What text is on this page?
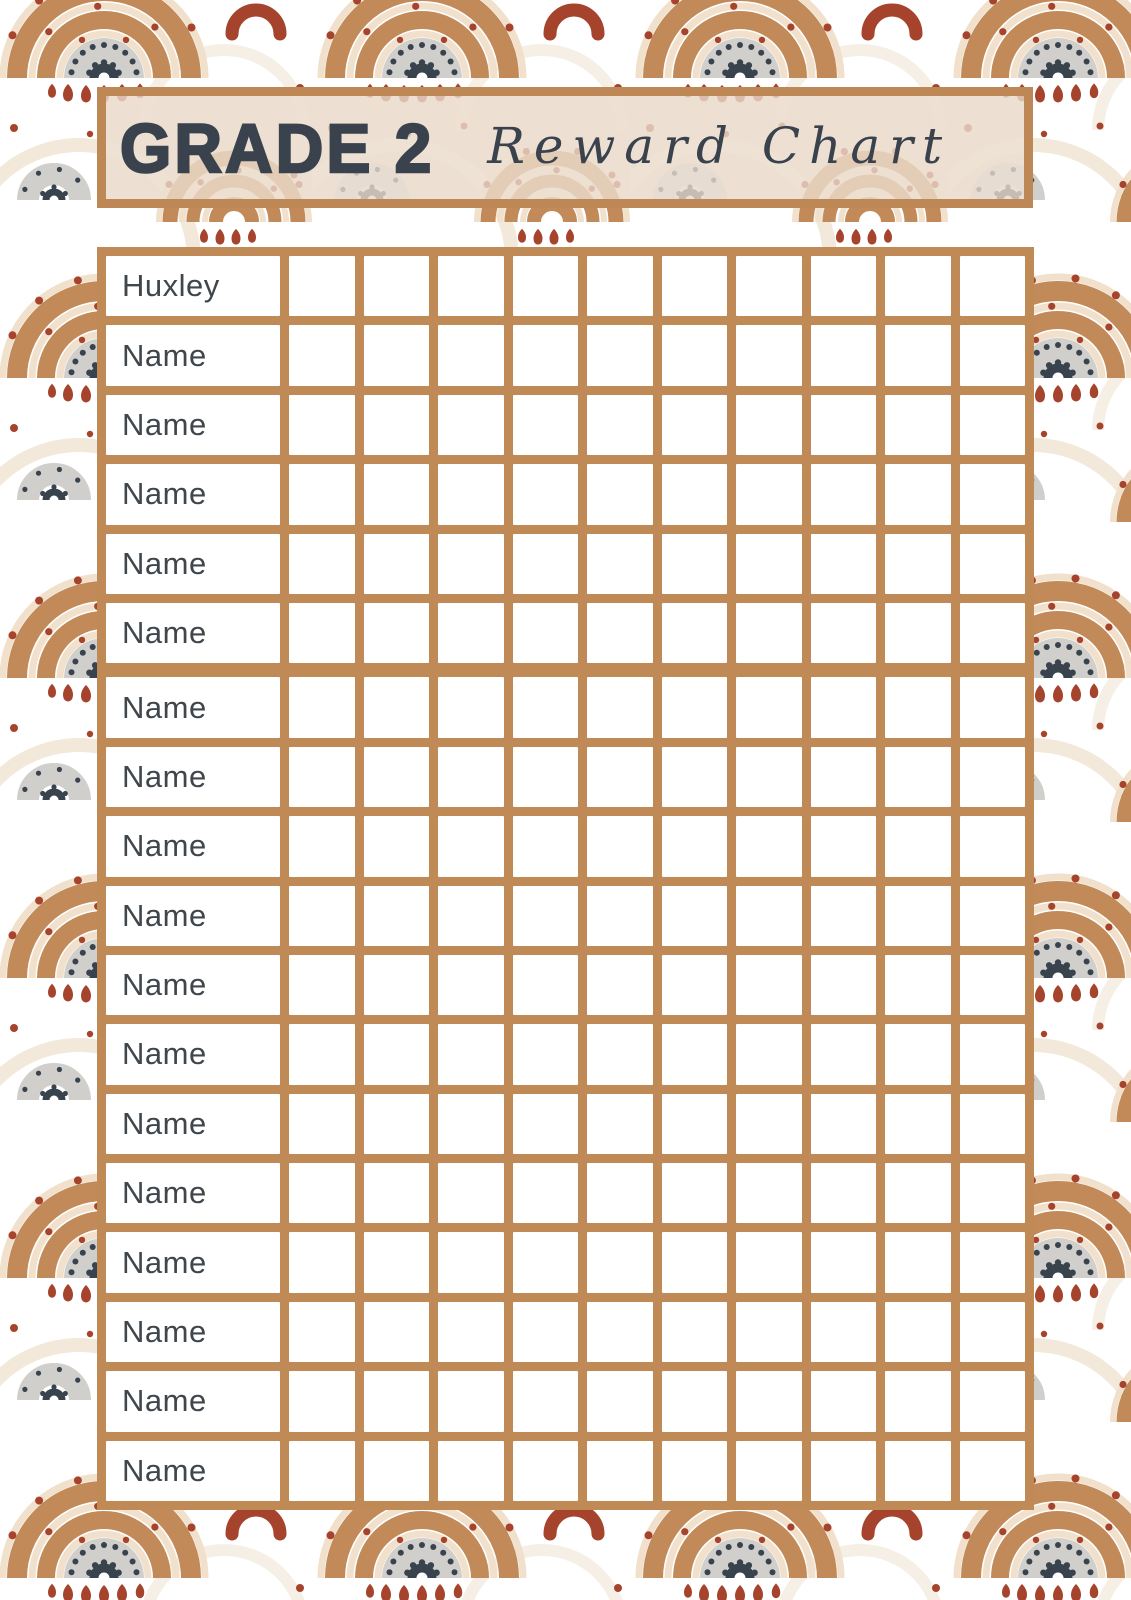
GRADE 2	Reward Chart
Huxley
Name
Name
Name
Name
Name
Name
Name
Name
Name
Name
Name
Name
Name
Name
Name
Name
Name
